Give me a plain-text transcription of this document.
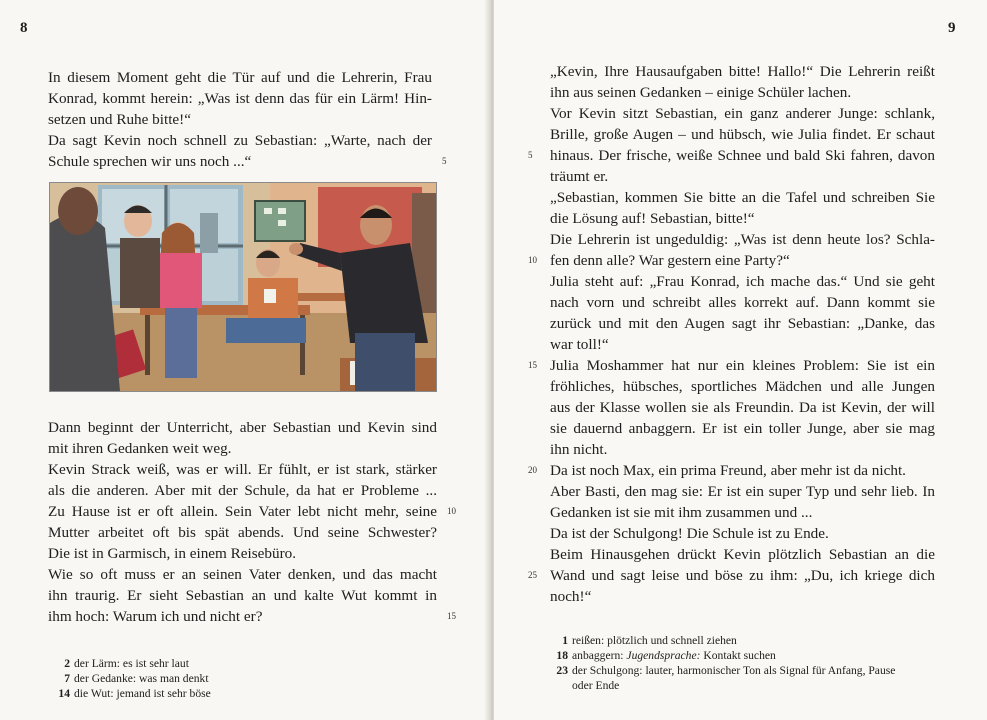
8
In diesem Moment geht die Tür auf und die Lehrerin, Frau
Konrad, kommt herein: „Was ist denn das für ein Lärm! Hin-
setzen und Ruhe bitte!“
Da sagt Kevin noch schnell zu Sebastian: „Warte, nach der
Schule sprechen wir uns noch ...“	5
Dann beginnt der Unterricht, aber Sebastian und Kevin sind
mit ihren Gedanken weit weg.
Kevin Strack weiß, was er will. Er fühlt, er ist stark, stärker
als die anderen. Aber mit der Schule, da hat er Probleme ...
Zu Hause ist er oft allein. Sein Vater lebt nicht mehr, seine 10
Mutter arbeitet oft bis spät abends. Und seine Schwester?
Die ist in Garmisch, in einem Reisebüro.
Wie so oft muss er an seinen Vater denken, und das macht
ihn traurig. Er sieht Sebastian an und kalte Wut kommt in
ihm hoch: Warum ich und nicht er?	15
2 der Lärm: es ist sehr laut
7 der Gedanke: was man denkt
14 die Wut: jemand ist sehr böse
9
„Kevin, Ihre Hausaufgaben bitte! Hallo!“ Die Lehrerin reißt
ihn aus seinen Gedanken – einige Schüler lachen.
Vor Kevin sitzt Sebastian, ein ganz anderer Junge: schlank,
Brille, große Augen – und hübsch, wie Julia findet. Er schaut
hinaus. Der frische, weiße Schnee und bald Ski fahren, davon
5
träumt er.
„Sebastian, kommen Sie bitte an die Tafel und schreiben Sie
die Lösung auf! Sebastian, bitte!“
Die Lehrerin ist ungeduldig: „Was ist denn heute los? Schla-
fen denn alle? War gestern eine Party?“
10
Julia steht auf: „Frau Konrad, ich mache das.“ Und sie geht
nach vorn und schreibt alles korrekt auf. Dann kommt sie
zurück und mit den Augen sagt ihr Sebastian: „Danke, das
war toll!“
Julia Moshammer hat nur ein kleines Problem: Sie ist ein
15
fröhliches, hübsches, sportliches Mädchen und alle Jungen
aus der Klasse wollen sie als Freundin. Da ist Kevin, der will
sie dauernd anbaggern. Er ist ein toller Junge, aber sie mag
ihn nicht.
Da ist noch Max, ein prima Freund, aber mehr ist da nicht.
20
Aber Basti, den mag sie: Er ist ein super Typ und sehr lieb. In
Gedanken ist sie mit ihm zusammen und ...
Da ist der Schulgong! Die Schule ist zu Ende.
Beim Hinausgehen drückt Kevin plötzlich Sebastian an die
Wand und sagt leise und böse zu ihm: „Du, ich kriege dich
25
noch!“
1 reißen: plötzlich und schnell ziehen
18 anbaggern: Jugendsprache: Kontakt suchen
23 der Schulgong: lauter, harmonischer Ton als Signal für Anfang, Pause
oder Ende
